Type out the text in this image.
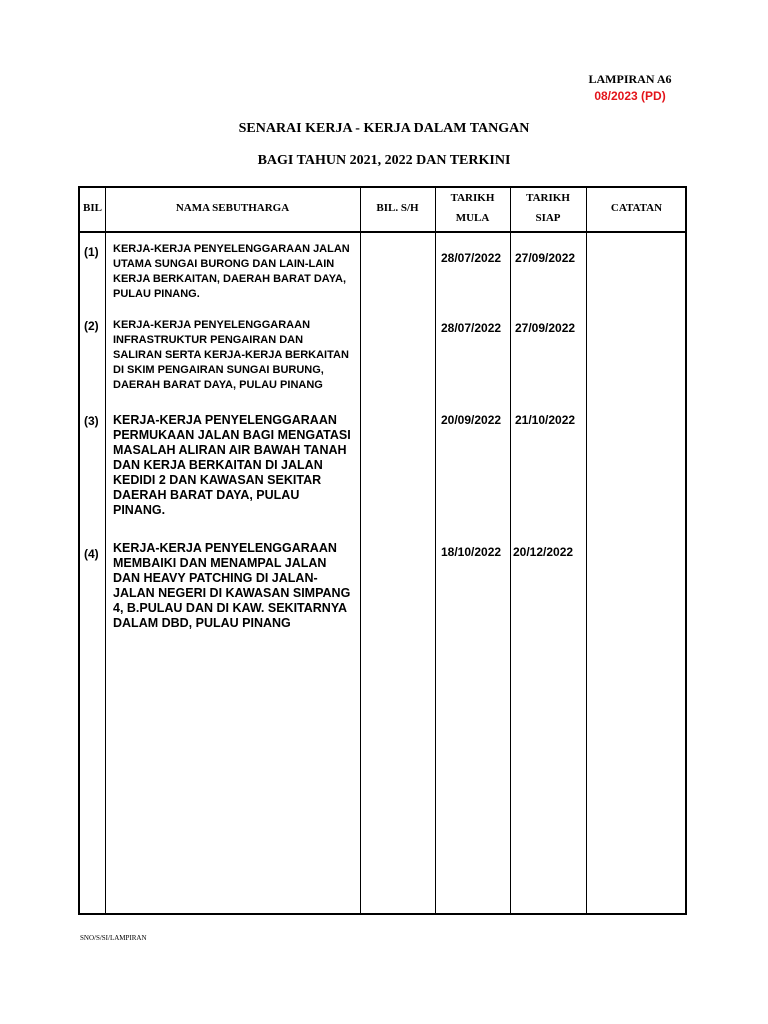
LAMPIRAN A6
08/2023 (PD)
SENARAI KERJA - KERJA DALAM TANGAN
BAGI TAHUN 2021, 2022 DAN TERKINI
BIL	NAMA SEBUTHARGA	BIL. S/H
TARIKH
MULA
TARIKH
SIAP
CATATAN
(1) KERJA-KERJA PENYELENGGARAAN JALAN UTAMA SUNGAI BURONG DAN LAIN-LAIN KERJA BERKAITAN, DAERAH BARAT DAYA, PULAU PINANG.
28/07/2022 27/09/2022
(2) KERJA-KERJA PENYELENGGARAAN INFRASTRUKTUR PENGAIRAN DAN SALIRAN SERTA KERJA-KERJA BERKAITAN DI SKIM PENGAIRAN SUNGAI BURUNG, DAERAH BARAT DAYA, PULAU PINANG
28/07/2022 27/09/2022
(3) KERJA-KERJA PENYELENGGARAAN PERMUKAAN JALAN BAGI MENGATASI MASALAH ALIRAN AIR BAWAH TANAH DAN KERJA BERKAITAN DI JALAN KEDIDI 2 DAN KAWASAN SEKITAR DAERAH BARAT DAYA, PULAU PINANG.
20/09/2022 21/10/2022
(4) KERJA-KERJA PENYELENGGARAAN MEMBAIKI DAN MENAMPAL JALAN DAN HEAVY PATCHING DI JALAN-JALAN NEGERI DI KAWASAN SIMPANG 4, B.PULAU DAN DI KAW. SEKITARNYA DALAM DBD, PULAU PINANG
18/10/2022 20/12/2022
SNO/S/SI/LAMPIRAN
